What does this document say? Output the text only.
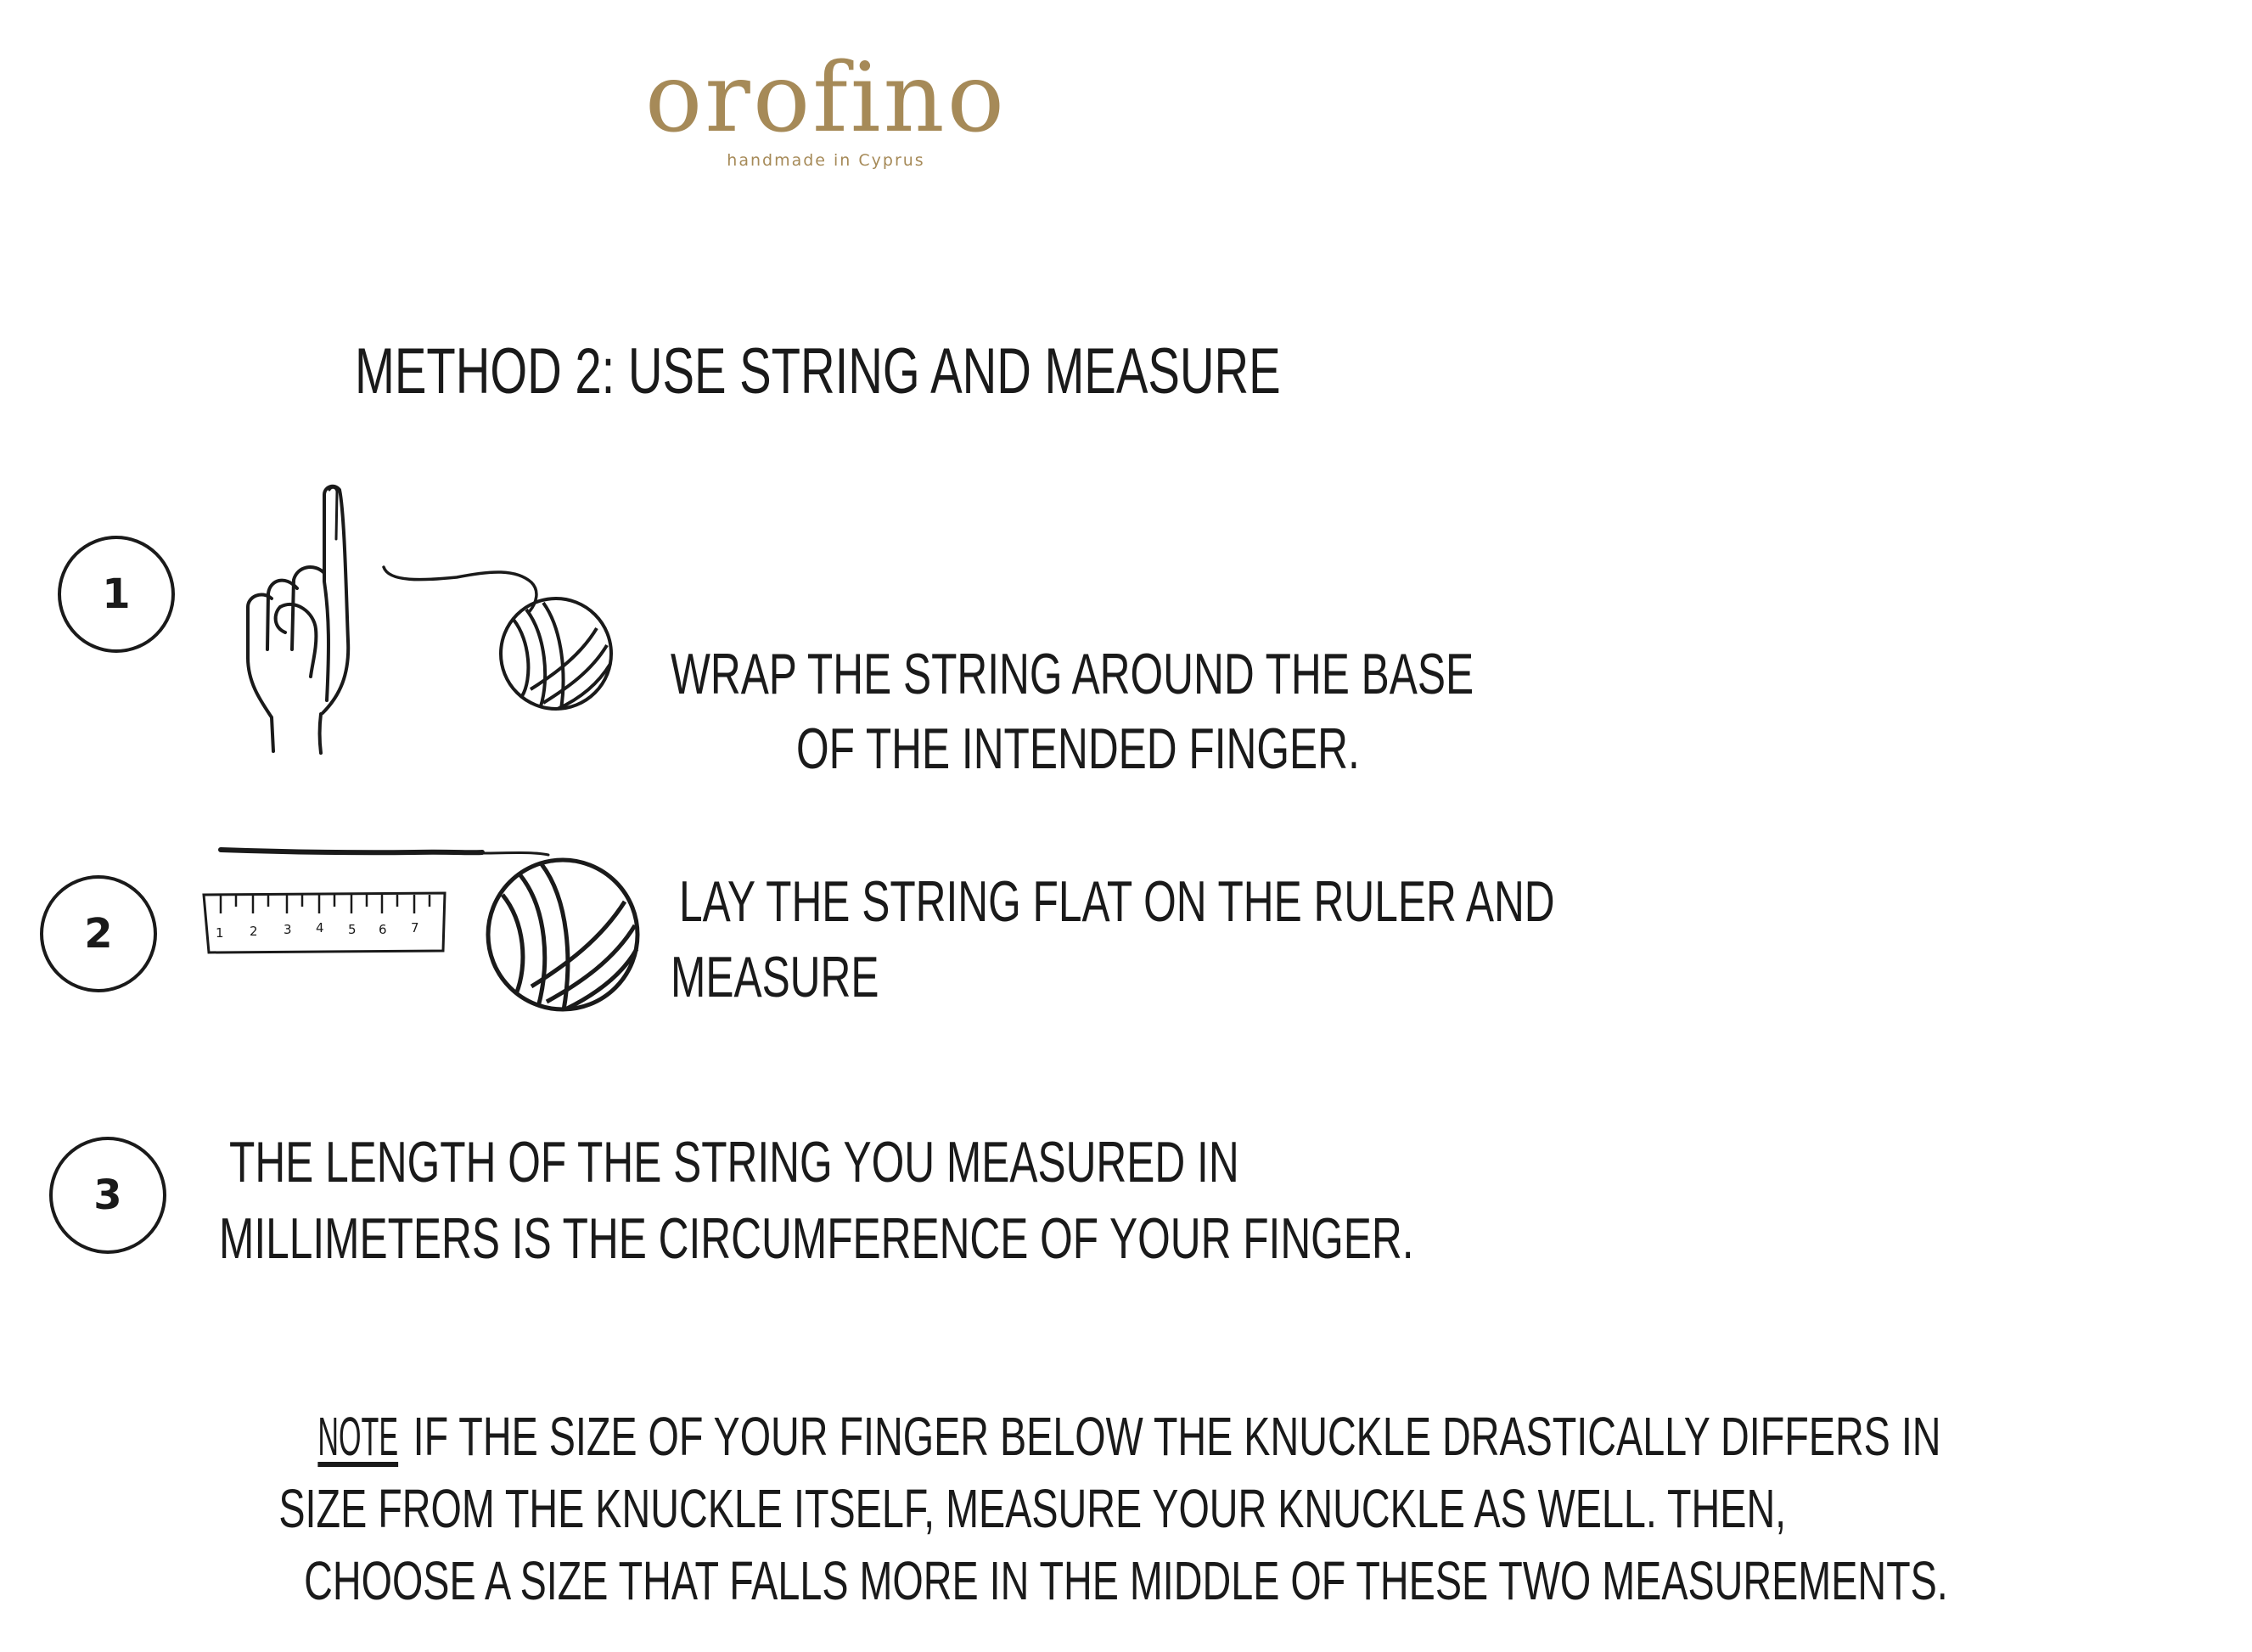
orofino
handmade in Cyprus
METHOD 2: USE STRING AND MEASURE
1
WRAP THE STRING AROUND THE BASE
OF THE INTENDED FINGER.
2	1 2 3 4 5 6 7	LAY THE STRING FLAT ON THE RULER AND
MEASURE
3
THE LENGTH OF THE STRING YOU MEASURED IN
MILLIMETERS IS THE CIRCUMFERENCE OF YOUR FINGER.
NOTEIF THE SIZE OF YOUR FINGER BELOW THE KNUCKLE DRASTICALLY DIFFERS IN
SIZE FROM THE KNUCKLE ITSELF, MEASURE YOUR KNUCKLE AS WELL. THEN,
CHOOSE A SIZE THAT FALLS MORE IN THE MIDDLE OF THESE TWO MEASUREMENTS.
